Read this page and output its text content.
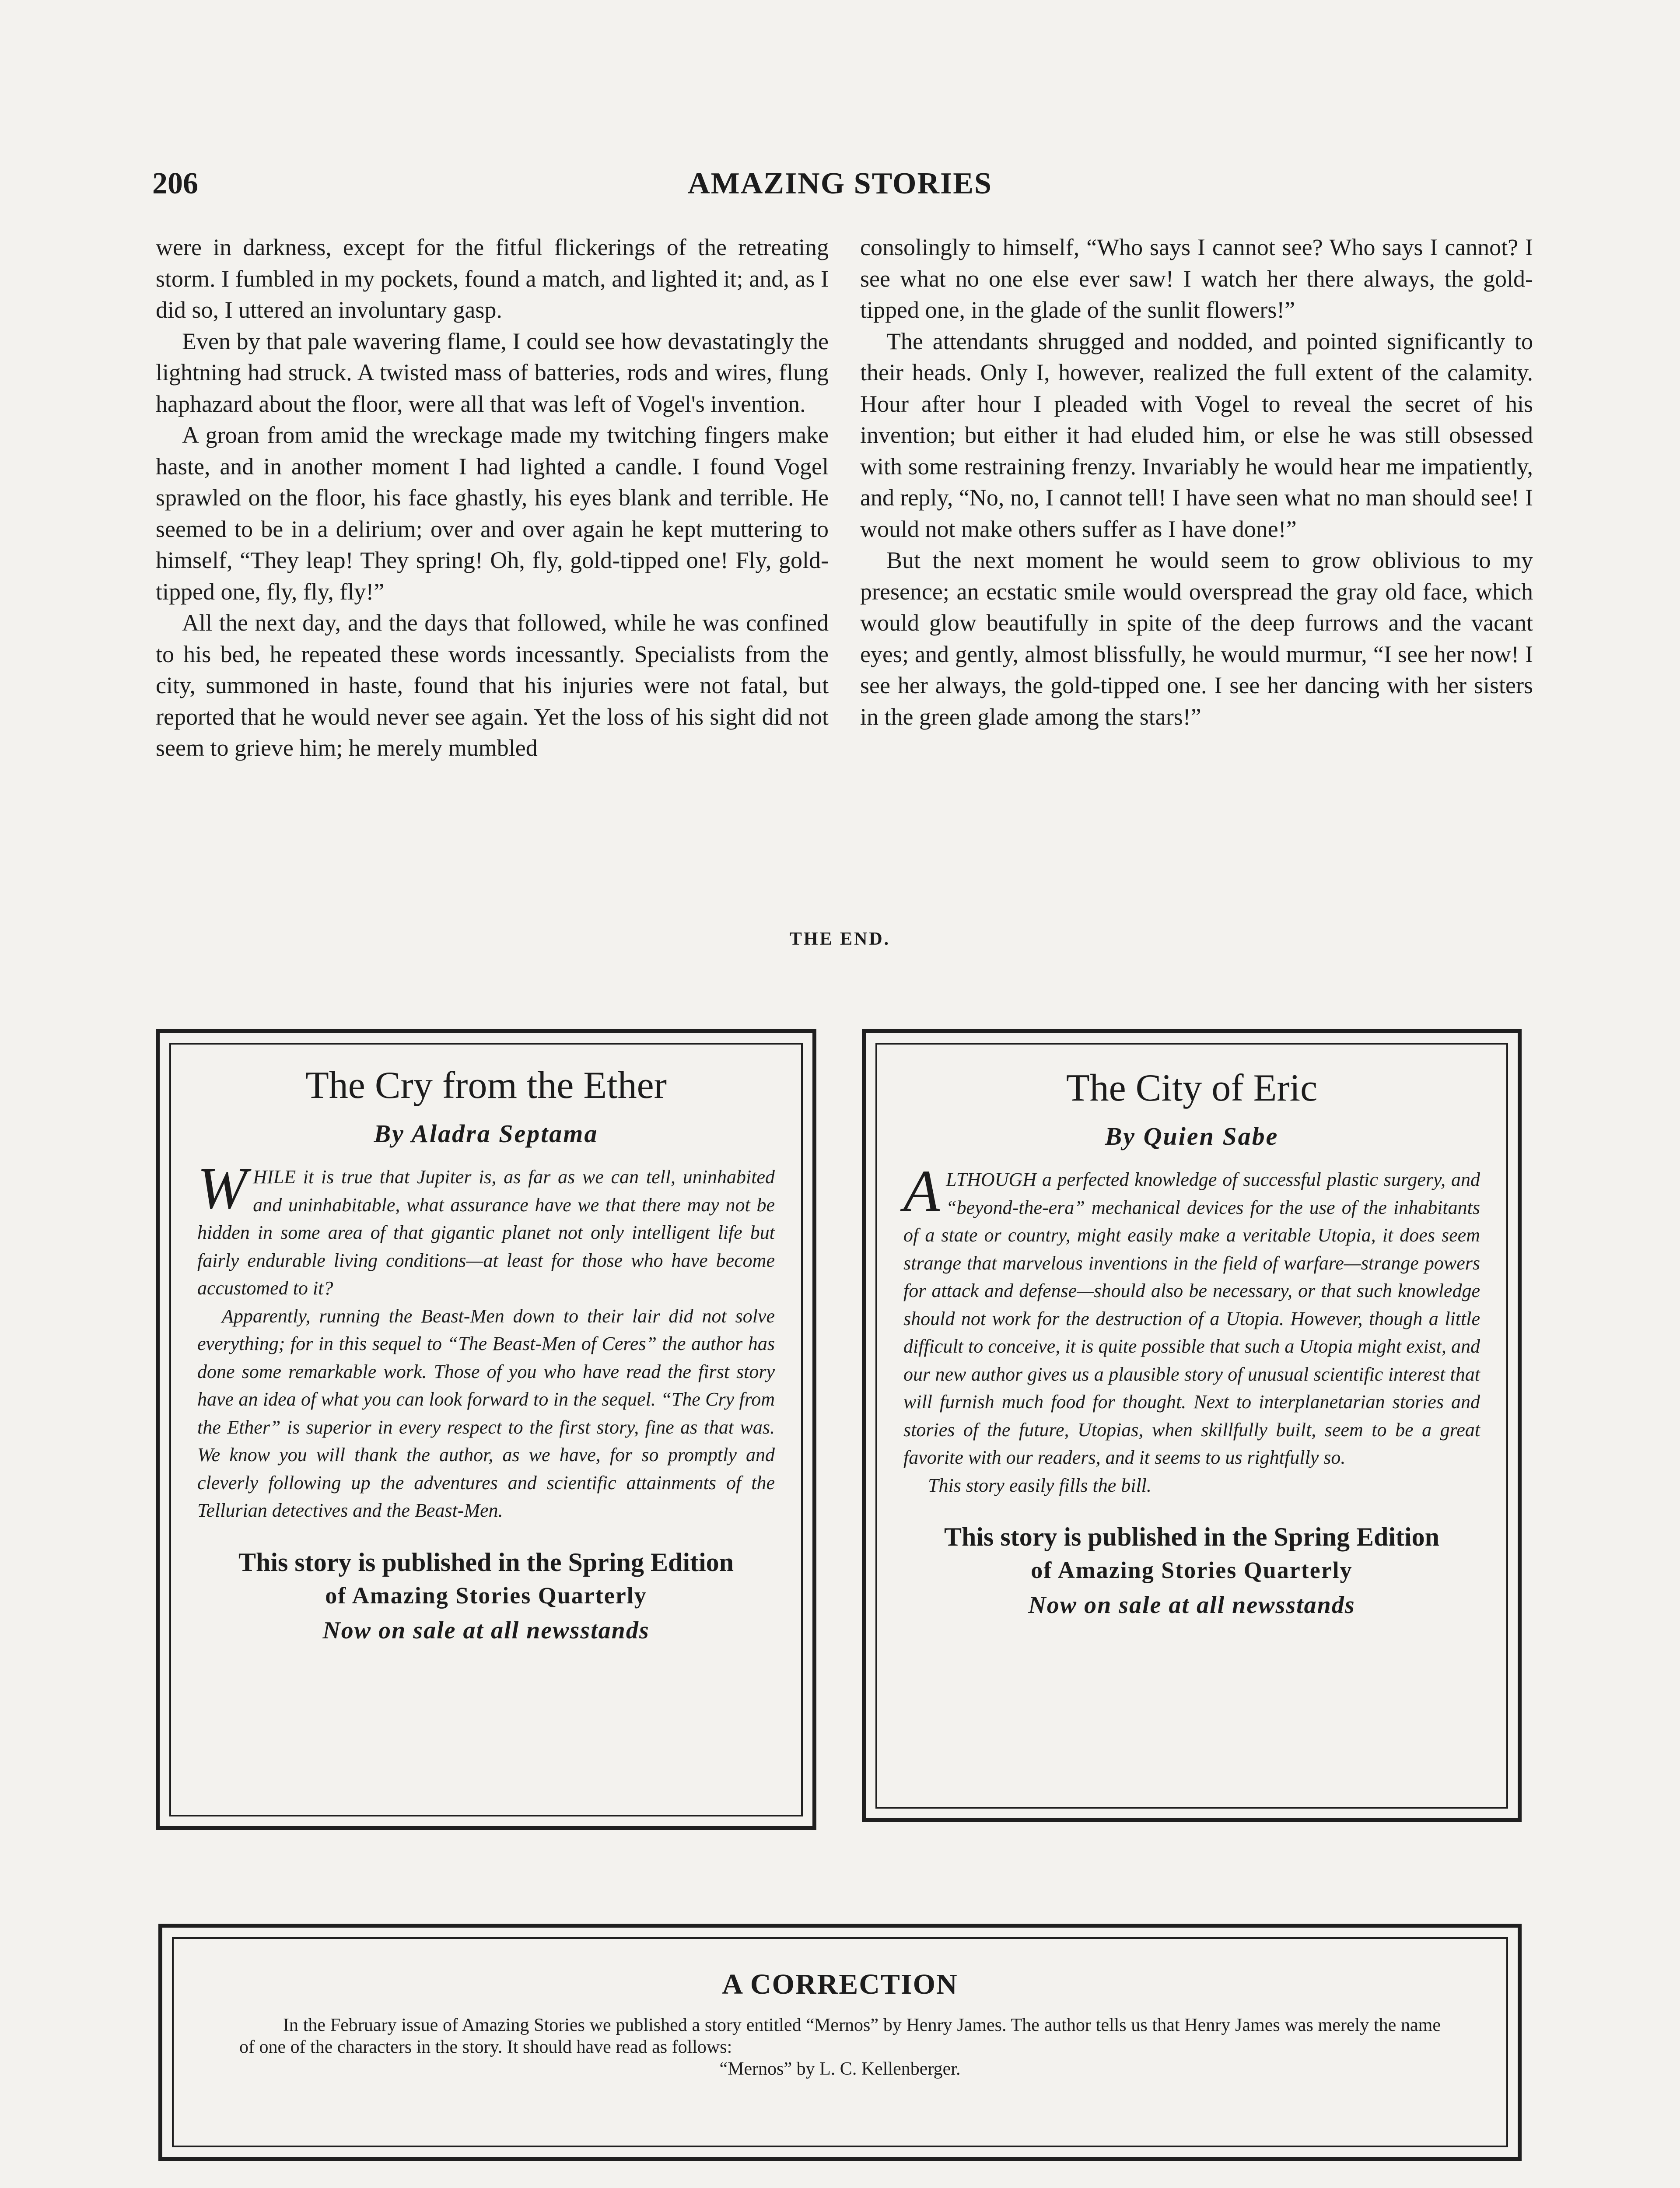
206	AMAZING STORIES

were in darkness, except for the fitful flickerings of the retreating storm. I fumbled in my pockets, found a match, and lighted it; and, as I did so, I uttered an involuntary gasp.

Even by that pale wavering flame, I could see how devastatingly the lightning had struck. A twisted mass of batteries, rods and wires, flung haphazard about the floor, were all that was left of Vogel's invention.

A groan from amid the wreckage made my twitching fingers make haste, and in another moment I had lighted a candle. I found Vogel sprawled on the floor, his face ghastly, his eyes blank and terrible. He seemed to be in a delirium; over and over again he kept muttering to himself, “They leap! They spring! Oh, fly, gold-tipped one! Fly, gold-tipped one, fly, fly, fly!”

All the next day, and the days that followed, while he was confined to his bed, he repeated these words incessantly. Specialists from the city, summoned in haste, found that his injuries were not fatal, but reported that he would never see again. Yet the loss of his sight did not seem to grieve him; he merely mumbled

consolingly to himself, “Who says I cannot see? Who says I cannot? I see what no one else ever saw! I watch her there always, the gold-tipped one, in the glade of the sunlit flowers!”

The attendants shrugged and nodded, and pointed significantly to their heads. Only I, however, realized the full extent of the calamity. Hour after hour I pleaded with Vogel to reveal the secret of his invention; but either it had eluded him, or else he was still obsessed with some restraining frenzy. Invariably he would hear me impatiently, and reply, “No, no, I cannot tell! I have seen what no man should see! I would not make others suffer as I have done!”

But the next moment he would seem to grow oblivious to my presence; an ecstatic smile would overspread the gray old face, which would glow beautifully in spite of the deep furrows and the vacant eyes; and gently, almost blissfully, he would murmur, “I see her now! I see her always, the gold-tipped one. I see her dancing with her sisters in the green glade among the stars!”

THE END.
The Cry from the Ether
By Aladra Septama

WHILE it is true that Jupiter is, as far as we can tell, uninhabited and uninhabitable, what assurance have we that there may not be hidden in some area of that gigantic planet not only intelligent life but fairly endurable living conditions—at least for those who have become accustomed to it?

Apparently, running the Beast-Men down to their lair did not solve everything; for in this sequel to “The Beast-Men of Ceres” the author has done some remarkable work. Those of you who have read the first story have an idea of what you can look forward to in the sequel. “The Cry from the Ether” is superior in every respect to the first story, fine as that was. We know you will thank the author, as we have, for so promptly and cleverly following up the adventures and scientific attainments of the Tellurian detectives and the Beast-Men.

This story is published in the Spring Edition
of Amazing Stories Quarterly
Now on sale at all newsstands
The City of Eric
By Quien Sabe

ALTHOUGH a perfected knowledge of successful plastic surgery, and “beyond-the-era” mechanical devices for the use of the inhabitants of a state or country, might easily make a veritable Utopia, it does seem strange that marvelous inventions in the field of warfare—strange powers for attack and defense—should also be necessary, or that such knowledge should not work for the destruction of a Utopia. However, though a little difficult to conceive, it is quite possible that such a Utopia might exist, and our new author gives us a plausible story of unusual scientific interest that will furnish much food for thought. Next to interplanetarian stories and stories of the future, Utopias, when skillfully built, seem to be a great favorite with our readers, and it seems to us rightfully so.

This story easily fills the bill.

This story is published in the Spring Edition
of Amazing Stories Quarterly
Now on sale at all newsstands
A CORRECTION
In the February issue of Amazing Stories we published a story entitled “Mernos” by Henry James. The author tells us that Henry James was merely the name of one of the characters in the story. It should have read as follows:
“Mernos” by L. C. Kellenberger.
